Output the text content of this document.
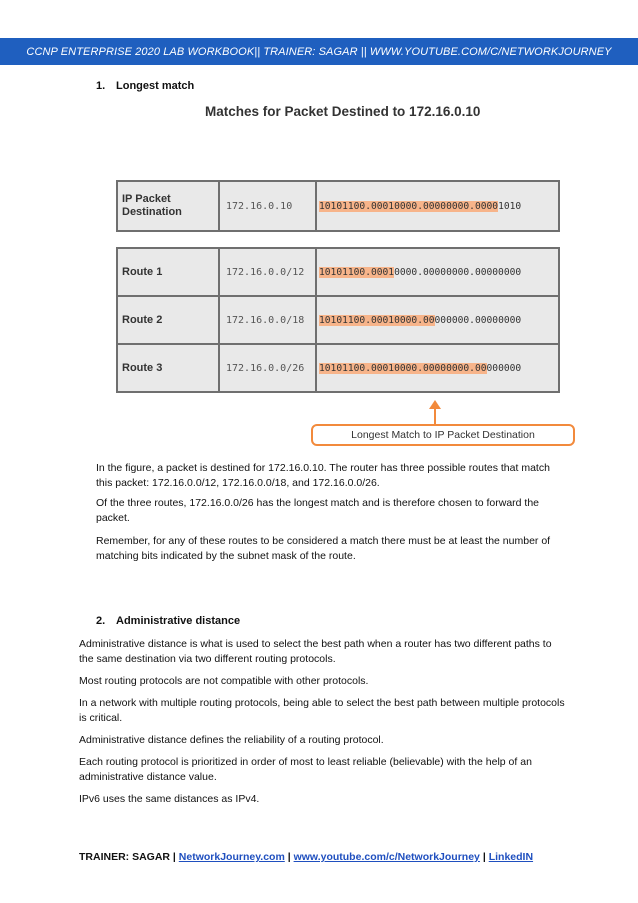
CCNP ENTERPRISE 2020 LAB WORKBOOK|| TRAINER: SAGAR || WWW.YOUTUBE.COM/C/NETWORKJOURNEY
1. Longest match
Matches for Packet Destined to 172.16.0.10
IP Packet Destination	172.16.0.10	10101100.00010000.00000000.0000 1010
Route 1	172.16.0.0/12	10101100.0001 0000.00000000.00000000
Route 2	172.16.0.0/18	10101100.00010000.00 000000.00000000
Route 3	172.16.0.0/26	10101100.00010000.00000000.00 000000
Longest Match to IP Packet Destination
In the figure, a packet is destined for 172.16.0.10. The router has three possible routes that match this packet: 172.16.0.0/12, 172.16.0.0/18, and 172.16.0.0/26.
Of the three routes, 172.16.0.0/26 has the longest match and is therefore chosen to forward the packet.
Remember, for any of these routes to be considered a match there must be at least the number of matching bits indicated by the subnet mask of the route.
2. Administrative distance
Administrative distance is what is used to select the best path when a router has two different paths to the same destination via two different routing protocols.
Most routing protocols are not compatible with other protocols.
In a network with multiple routing protocols, being able to select the best path between multiple protocols is critical.
Administrative distance defines the reliability of a routing protocol.
Each routing protocol is prioritized in order of most to least reliable (believable) with the help of an administrative distance value.
IPv6 uses the same distances as IPv4.
TRAINER: SAGAR | NetworkJourney.com | www.youtube.com/c/NetworkJourney | LinkedIN
